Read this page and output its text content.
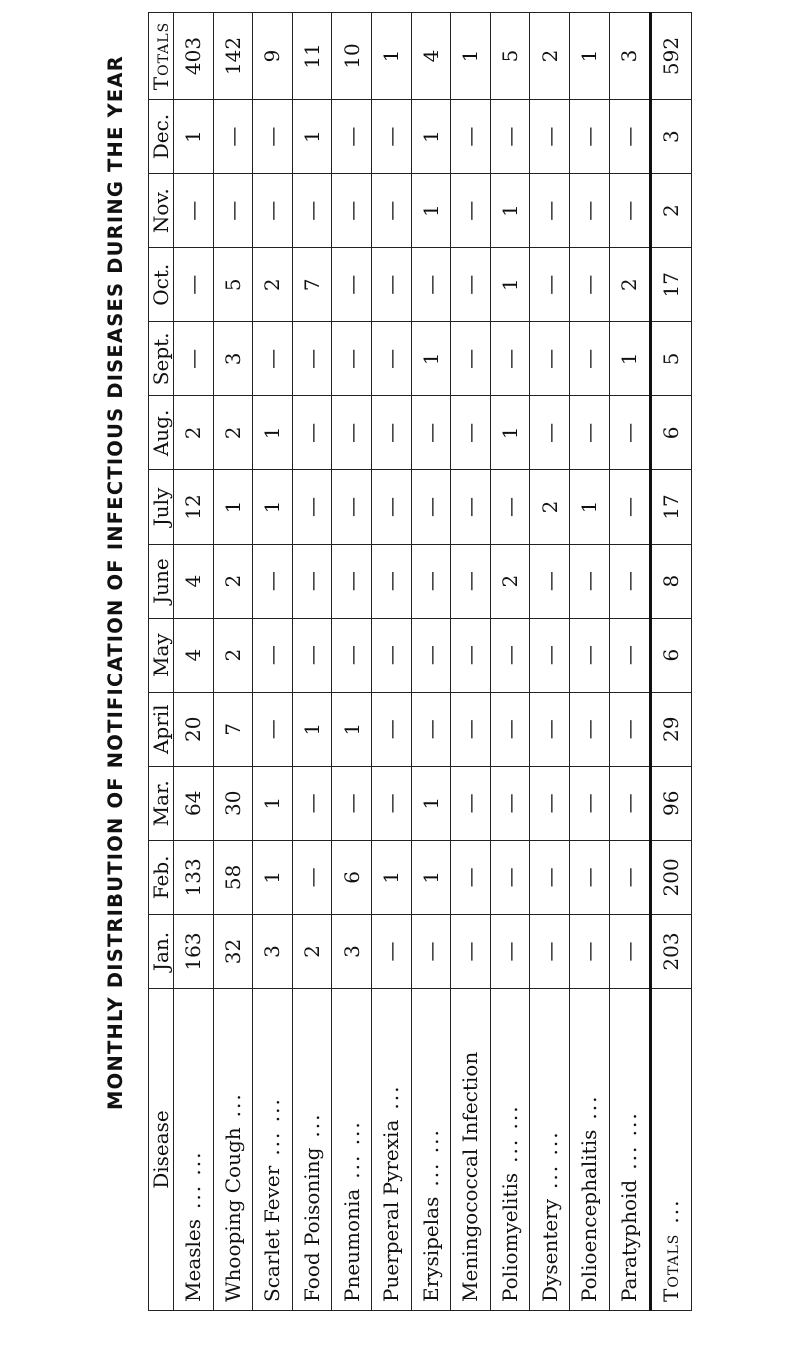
MONTHLY DISTRIBUTION OF NOTIFICATION OF INFECTIOUS DISEASES DURING THE YEAR
Disease	Jan.	Feb.	Mar.	April	May	June	July	Aug.	Sept.	Oct.	Nov.	Dec.	Totals
Measles... ...	163	133	64	20	4	4	12	2	—	—	—	1	403
Whooping Cough...	32	58	30	7	2	2	1	2	3	5	—	—	142
Scarlet Fever... ...	3	1	1	—	—	—	1	1	—	2	—	—	9
Food Poisoning...	2	—	—	1	—	—	—	—	—	7	—	1	11
Pneumonia... ...	3	6	—	1	—	—	—	—	—	—	—	—	10
Puerperal Pyrexia...	—	1	—	—	—	—	—	—	—	—	—	—	1
Erysipelas... ...	—	1	1	—	—	—	—	—	1	—	1	1	4
Meningococcal Infection	—	—	—	—	—	—	—	—	—	—	—	—	1
Poliomyelitis... ...	—	—	—	—	—	2	—	1	—	1	1	—	5
Dysentery... ...	—	—	—	—	—	—	2	—	—	—	—	—	2
Polioencephalitis...	—	—	—	—	—	—	1	—	—	—	—	—	1
Paratyphoid... ...	—	—	—	—	—	—	—	—	1	2	—	—	3
Totals...	203	200	96	29	6	8	17	6	5	17	2	3	592
